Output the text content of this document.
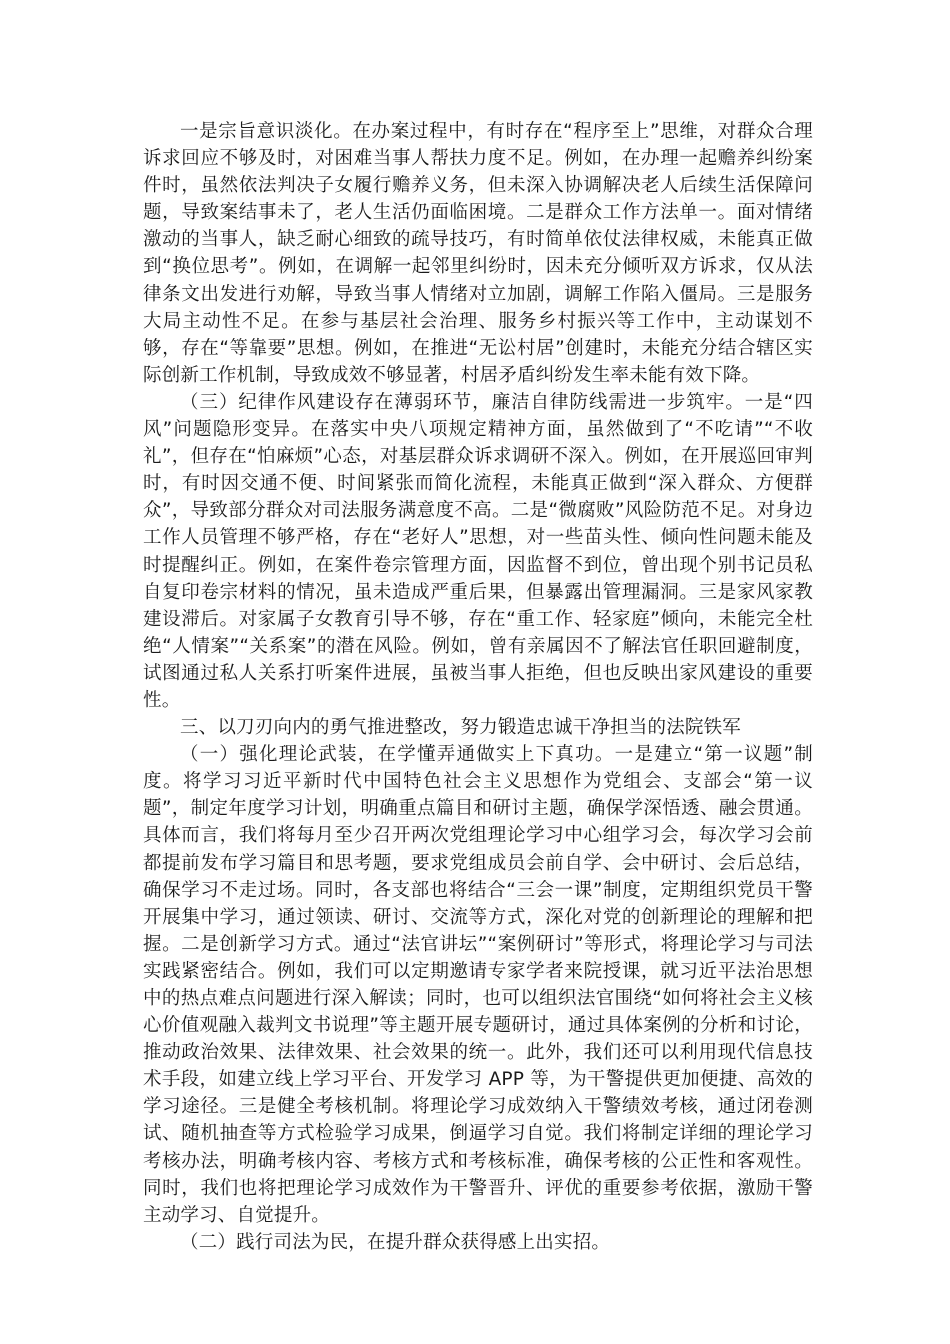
一是宗旨意识淡化。在办案过程中，有时存在“程序至上”思维，对群众合理诉求回应不够及时，对困难当事人帮扶力度不足。例如，在办理一起赡养纠纷案件时，虽然依法判决子女履行赡养义务，但未深入协调解决老人后续生活保障问题，导致案结事未了，老人生活仍面临困境。二是群众工作方法单一。面对情绪激动的当事人，缺乏耐心细致的疏导技巧，有时简单依仗法律权威，未能真正做到“换位思考”。例如，在调解一起邻里纠纷时，因未充分倾听双方诉求，仅从法律条文出发进行劝解，导致当事人情绪对立加剧，调解工作陷入僵局。三是服务大局主动性不足。在参与基层社会治理、服务乡村振兴等工作中，主动谋划不够，存在“等靠要”思想。例如，在推进“无讼村居”创建时，未能充分结合辖区实际创新工作机制，导致成效不够显著，村居矛盾纠纷发生率未能有效下降。

（三）纪律作风建设存在薄弱环节，廉洁自律防线需进一步筑牢。一是“四风”问题隐形变异。在落实中央八项规定精神方面，虽然做到了“不吃请”“不收礼”，但存在“怕麻烦”心态，对基层群众诉求调研不深入。例如，在开展巡回审判时，有时因交通不便、时间紧张而简化流程，未能真正做到“深入群众、方便群众”，导致部分群众对司法服务满意度不高。二是“微腐败”风险防范不足。对身边工作人员管理不够严格，存在“老好人”思想，对一些苗头性、倾向性问题未能及时提醒纠正。例如，在案件卷宗管理方面，因监督不到位，曾出现个别书记员私自复印卷宗材料的情况，虽未造成严重后果，但暴露出管理漏洞。三是家风家教建设滞后。对家属子女教育引导不够，存在“重工作、轻家庭”倾向，未能完全杜绝“人情案”“关系案”的潜在风险。例如，曾有亲属因不了解法官任职回避制度，试图通过私人关系打听案件进展，虽被当事人拒绝，但也反映出家风建设的重要性。

三、以刀刃向内的勇气推进整改，努力锻造忠诚干净担当的法院铁军

（一）强化理论武装，在学懂弄通做实上下真功。一是建立“第一议题”制度。将学习习近平新时代中国特色社会主义思想作为党组会、支部会“第一议题”，制定年度学习计划，明确重点篇目和研讨主题，确保学深悟透、融会贯通。具体而言，我们将每月至少召开两次党组理论学习中心组学习会，每次学习会前都提前发布学习篇目和思考题，要求党组成员会前自学、会中研讨、会后总结，确保学习不走过场。同时，各支部也将结合“三会一课”制度，定期组织党员干警开展集中学习，通过领读、研讨、交流等方式，深化对党的创新理论的理解和把握。二是创新学习方式。通过“法官讲坛”“案例研讨”等形式，将理论学习与司法实践紧密结合。例如，我们可以定期邀请专家学者来院授课，就习近平法治思想中的热点难点问题进行深入解读；同时，也可以组织法官围绕“如何将社会主义核心价值观融入裁判文书说理”等主题开展专题研讨，通过具体案例的分析和讨论，推动政治效果、法律效果、社会效果的统一。此外，我们还可以利用现代信息技术手段，如建立线上学习平台、开发学习 APP 等，为干警提供更加便捷、高效的学习途径。三是健全考核机制。将理论学习成效纳入干警绩效考核，通过闭卷测试、随机抽查等方式检验学习成果，倒逼学习自觉。我们将制定详细的理论学习考核办法，明确考核内容、考核方式和考核标准，确保考核的公正性和客观性。同时，我们也将把理论学习成效作为干警晋升、评优的重要参考依据，激励干警主动学习、自觉提升。

（二）践行司法为民，在提升群众获得感上出实招。
